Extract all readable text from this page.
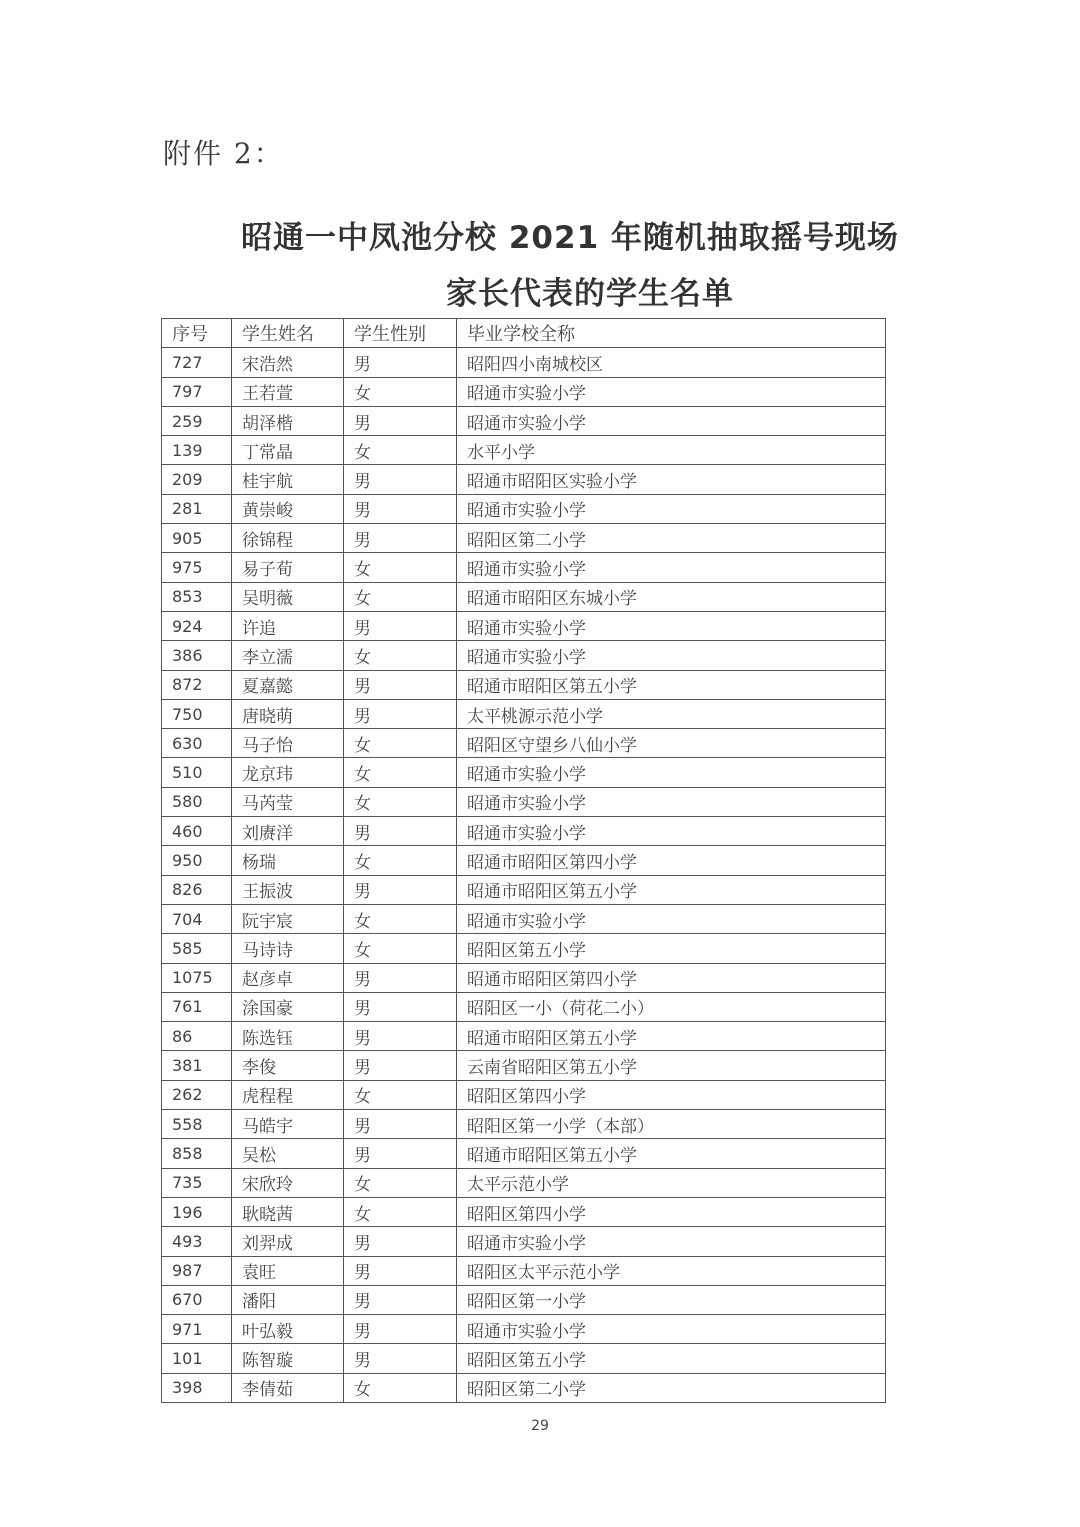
附件 2：
昭通一中凤池分校 2021 年随机抽取摇号现场
家长代表的学生名单
序号	学生姓名	学生性别	毕业学校全称
727	宋浩然	男	昭阳四小南城校区
797	王若萱	女	昭通市实验小学
259	胡泽楷	男	昭通市实验小学
139	丁常晶	女	水平小学
209	桂宇航	男	昭通市昭阳区实验小学
281	黄崇峻	男	昭通市实验小学
905	徐锦程	男	昭阳区第二小学
975	易子荀	女	昭通市实验小学
853	吴明薇	女	昭通市昭阳区东城小学
924	许追	男	昭通市实验小学
386	李立濡	女	昭通市实验小学
872	夏嘉懿	男	昭通市昭阳区第五小学
750	唐晓萌	男	太平桃源示范小学
630	马子怡	女	昭阳区守望乡八仙小学
510	龙京玮	女	昭通市实验小学
580	马芮莹	女	昭通市实验小学
460	刘赓洋	男	昭通市实验小学
950	杨瑞	女	昭通市昭阳区第四小学
826	王振波	男	昭通市昭阳区第五小学
704	阮宇宸	女	昭通市实验小学
585	马诗诗	女	昭阳区第五小学
1075	赵彦卓	男	昭通市昭阳区第四小学
761	涂国豪	男	昭阳区一小（荷花二小）
86	陈选钰	男	昭通市昭阳区第五小学
381	李俊	男	云南省昭阳区第五小学
262	虎程程	女	昭阳区第四小学
558	马皓宇	男	昭阳区第一小学（本部）
858	吴松	男	昭通市昭阳区第五小学
735	宋欣玲	女	太平示范小学
196	耿晓茜	女	昭阳区第四小学
493	刘羿成	男	昭通市实验小学
987	袁旺	男	昭阳区太平示范小学
670	潘阳	男	昭阳区第一小学
971	叶弘毅	男	昭通市实验小学
101	陈智璇	男	昭阳区第五小学
398	李倩茹	女	昭阳区第二小学
29
